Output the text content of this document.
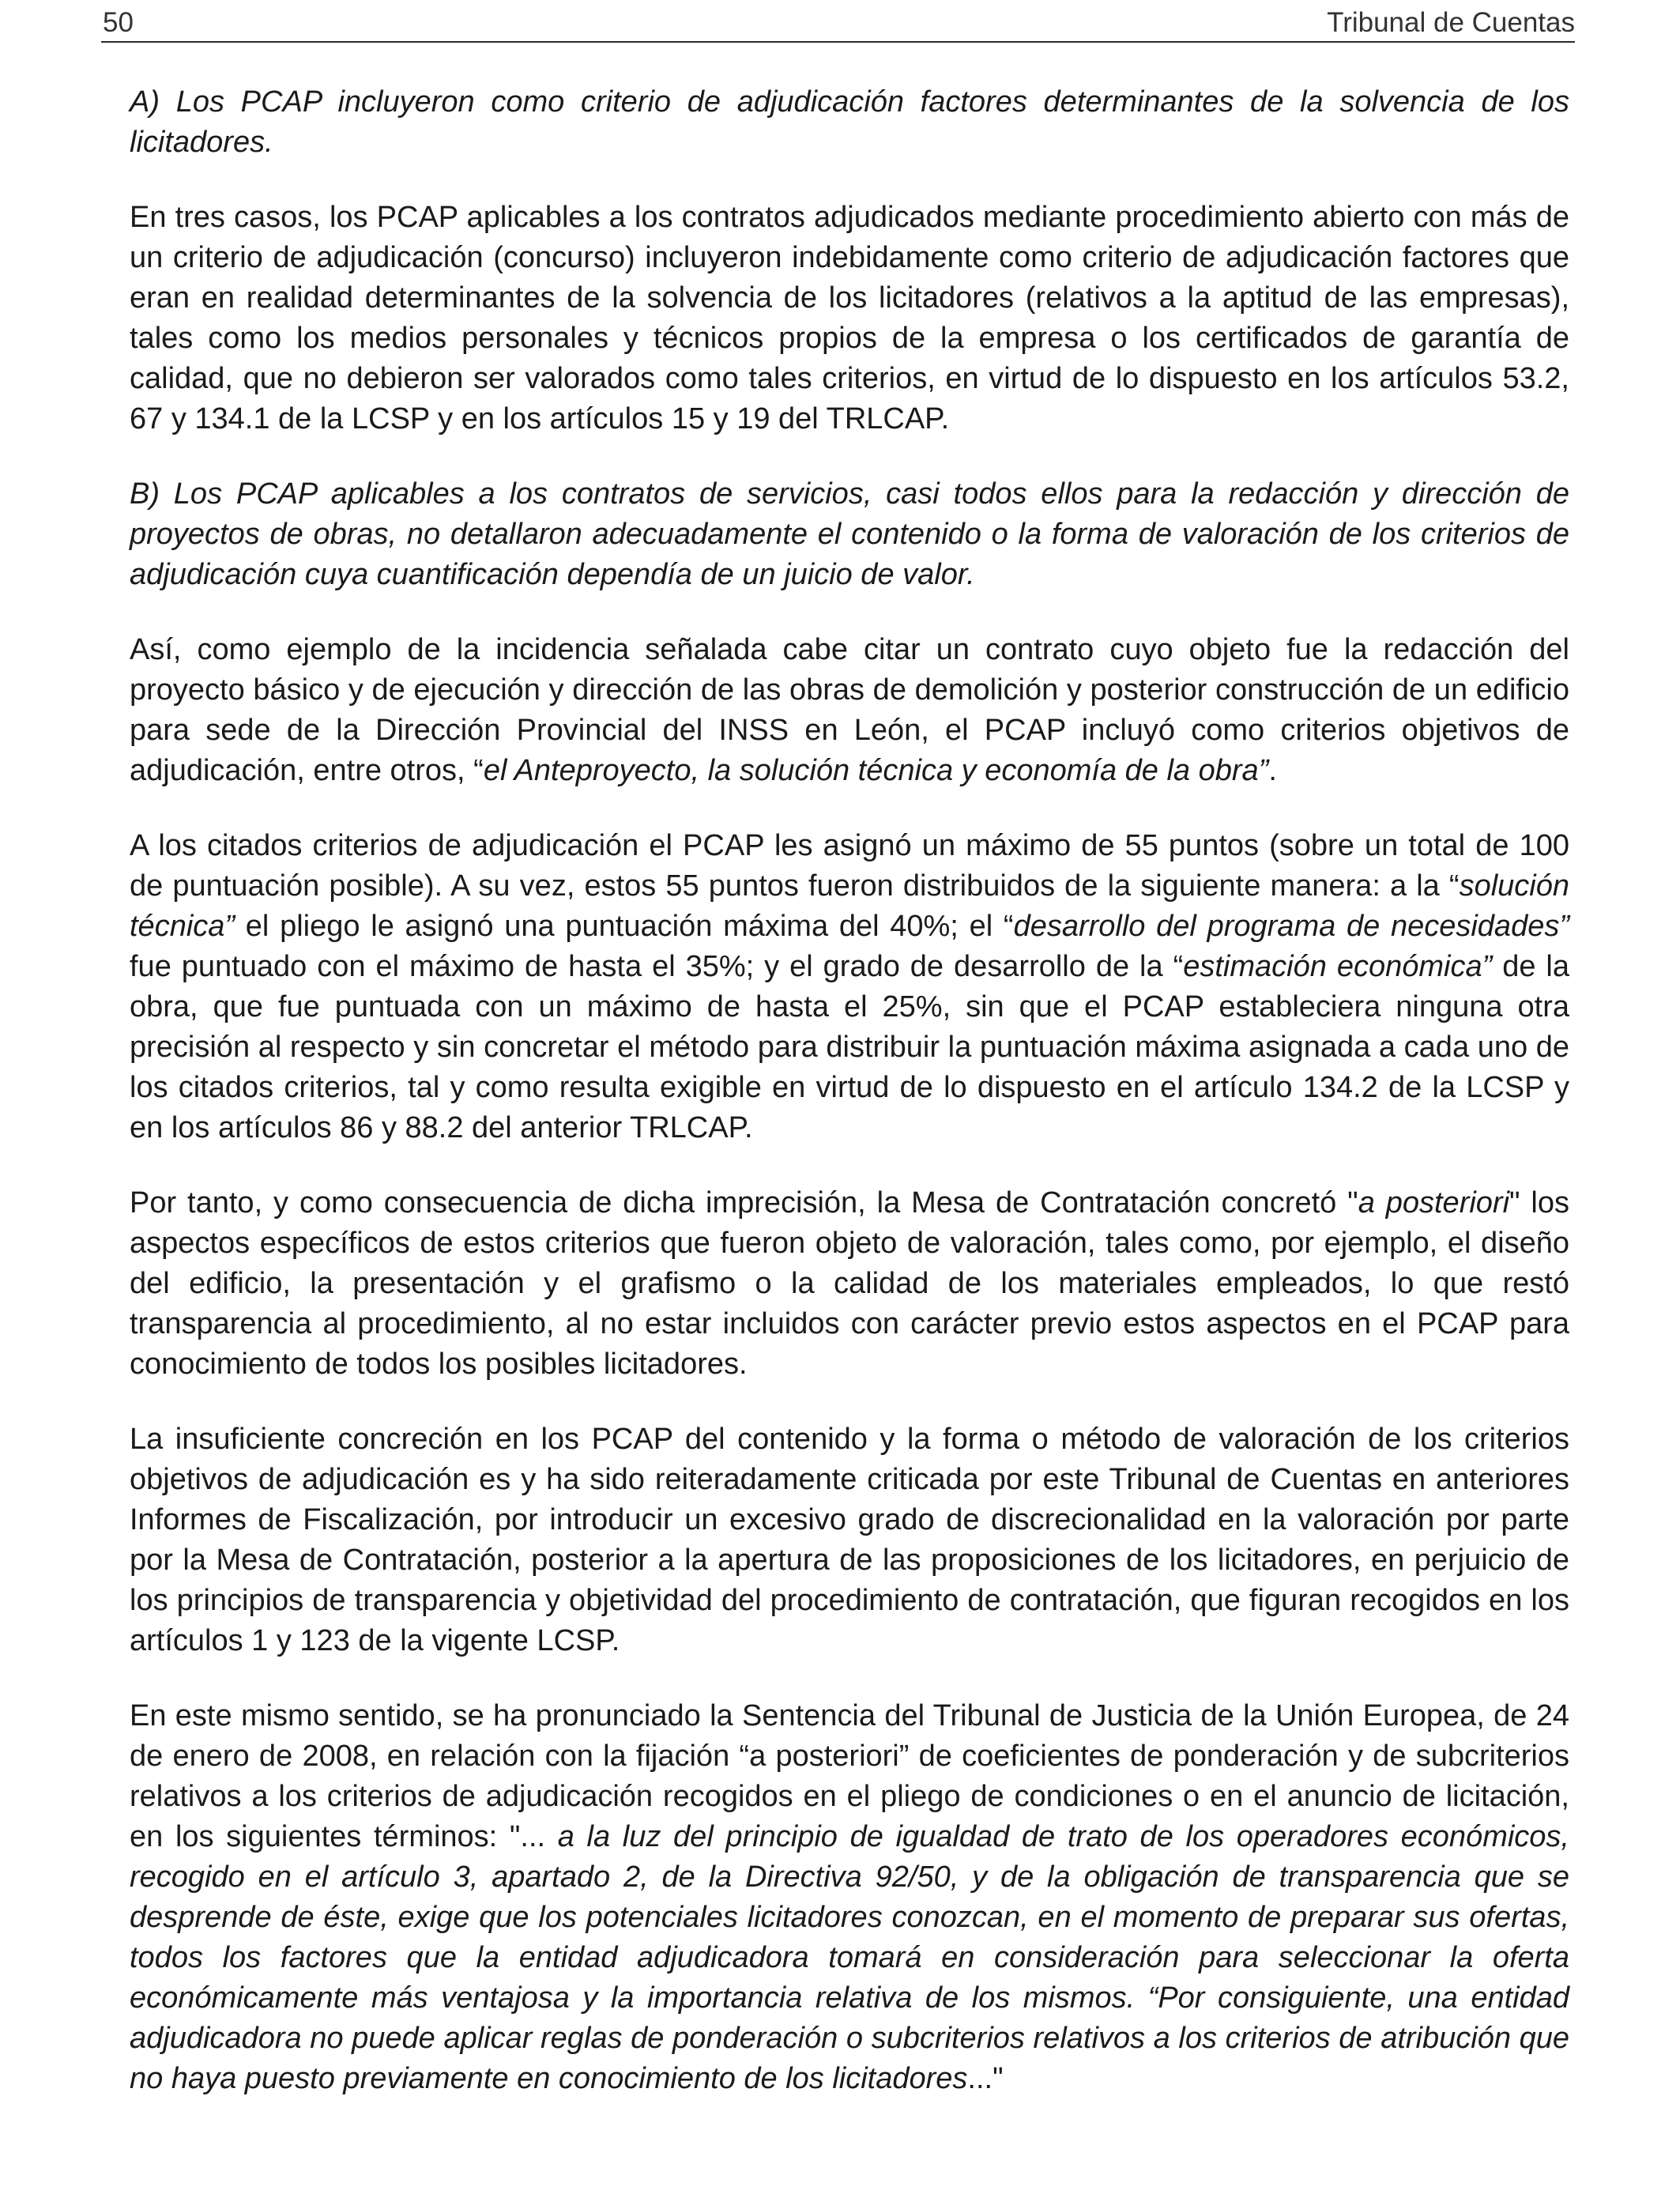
50	Tribunal de Cuentas

A) Los PCAP incluyeron como criterio de adjudicación factores determinantes de la solvencia de los licitadores.

En tres casos, los PCAP aplicables a los contratos adjudicados mediante procedimiento abierto con más de un criterio de adjudicación (concurso) incluyeron indebidamente como criterio de adjudicación factores que eran en realidad determinantes de la solvencia de los licitadores (relativos a la aptitud de las empresas), tales como los medios personales y técnicos propios de la empresa o los certificados de garantía de calidad, que no debieron ser valorados como tales criterios, en virtud de lo dispuesto en los artículos 53.2, 67 y 134.1 de la LCSP y en los artículos 15 y 19 del TRLCAP.

B) Los PCAP aplicables a los contratos de servicios, casi todos ellos para la redacción y dirección de proyectos de obras, no detallaron adecuadamente el contenido o la forma de valoración de los criterios de adjudicación cuya cuantificación dependía de un juicio de valor.

Así, como ejemplo de la incidencia señalada cabe citar un contrato cuyo objeto fue la redacción del proyecto básico y de ejecución y dirección de las obras de demolición y posterior construcción de un edificio para sede de la Dirección Provincial del INSS en León, el PCAP incluyó como criterios objetivos de adjudicación, entre otros, “el Anteproyecto, la solución técnica y economía de la obra”.

A los citados criterios de adjudicación el PCAP les asignó un máximo de 55 puntos (sobre un total de 100 de puntuación posible). A su vez, estos 55 puntos fueron distribuidos de la siguiente manera: a la “solución técnica” el pliego le asignó una puntuación máxima del 40%; el “desarrollo del programa de necesidades” fue puntuado con el máximo de hasta el 35%; y el grado de desarrollo de la “estimación económica” de la obra, que fue puntuada con un máximo de hasta el 25%, sin que el PCAP estableciera ninguna otra precisión al respecto y sin concretar el método para distribuir la puntuación máxima asignada a cada uno de los citados criterios, tal y como resulta exigible en virtud de lo dispuesto en el artículo 134.2 de la LCSP y en los artículos 86 y 88.2 del anterior TRLCAP.

Por tanto, y como consecuencia de dicha imprecisión, la Mesa de Contratación concretó "a posteriori" los aspectos específicos de estos criterios que fueron objeto de valoración, tales como, por ejemplo, el diseño del edificio, la presentación y el grafismo o la calidad de los materiales empleados, lo que restó transparencia al procedimiento, al no estar incluidos con carácter previo estos aspectos en el PCAP para conocimiento de todos los posibles licitadores.

La insuficiente concreción en los PCAP del contenido y la forma o método de valoración de los criterios objetivos de adjudicación es y ha sido reiteradamente criticada por este Tribunal de Cuentas en anteriores Informes de Fiscalización, por introducir un excesivo grado de discrecionalidad en la valoración por parte por la Mesa de Contratación, posterior a la apertura de las proposiciones de los licitadores, en perjuicio de los principios de transparencia y objetividad del procedimiento de contratación, que figuran recogidos en los artículos 1 y 123 de la vigente LCSP.

En este mismo sentido, se ha pronunciado la Sentencia del Tribunal de Justicia de la Unión Europea, de 24 de enero de 2008, en relación con la fijación “a posteriori” de coeficientes de ponderación y de subcriterios relativos a los criterios de adjudicación recogidos en el pliego de condiciones o en el anuncio de licitación, en los siguientes términos: "... a la luz del principio de igualdad de trato de los operadores económicos, recogido en el artículo 3, apartado 2, de la Directiva 92/50, y de la obligación de transparencia que se desprende de éste, exige que los potenciales licitadores conozcan, en el momento de preparar sus ofertas, todos los factores que la entidad adjudicadora tomará en consideración para seleccionar la oferta económicamente más ventajosa y la importancia relativa de los mismos. “Por consiguiente, una entidad adjudicadora no puede aplicar reglas de ponderación o subcriterios relativos a los criterios de atribución que no haya puesto previamente en conocimiento de los licitadores..."
